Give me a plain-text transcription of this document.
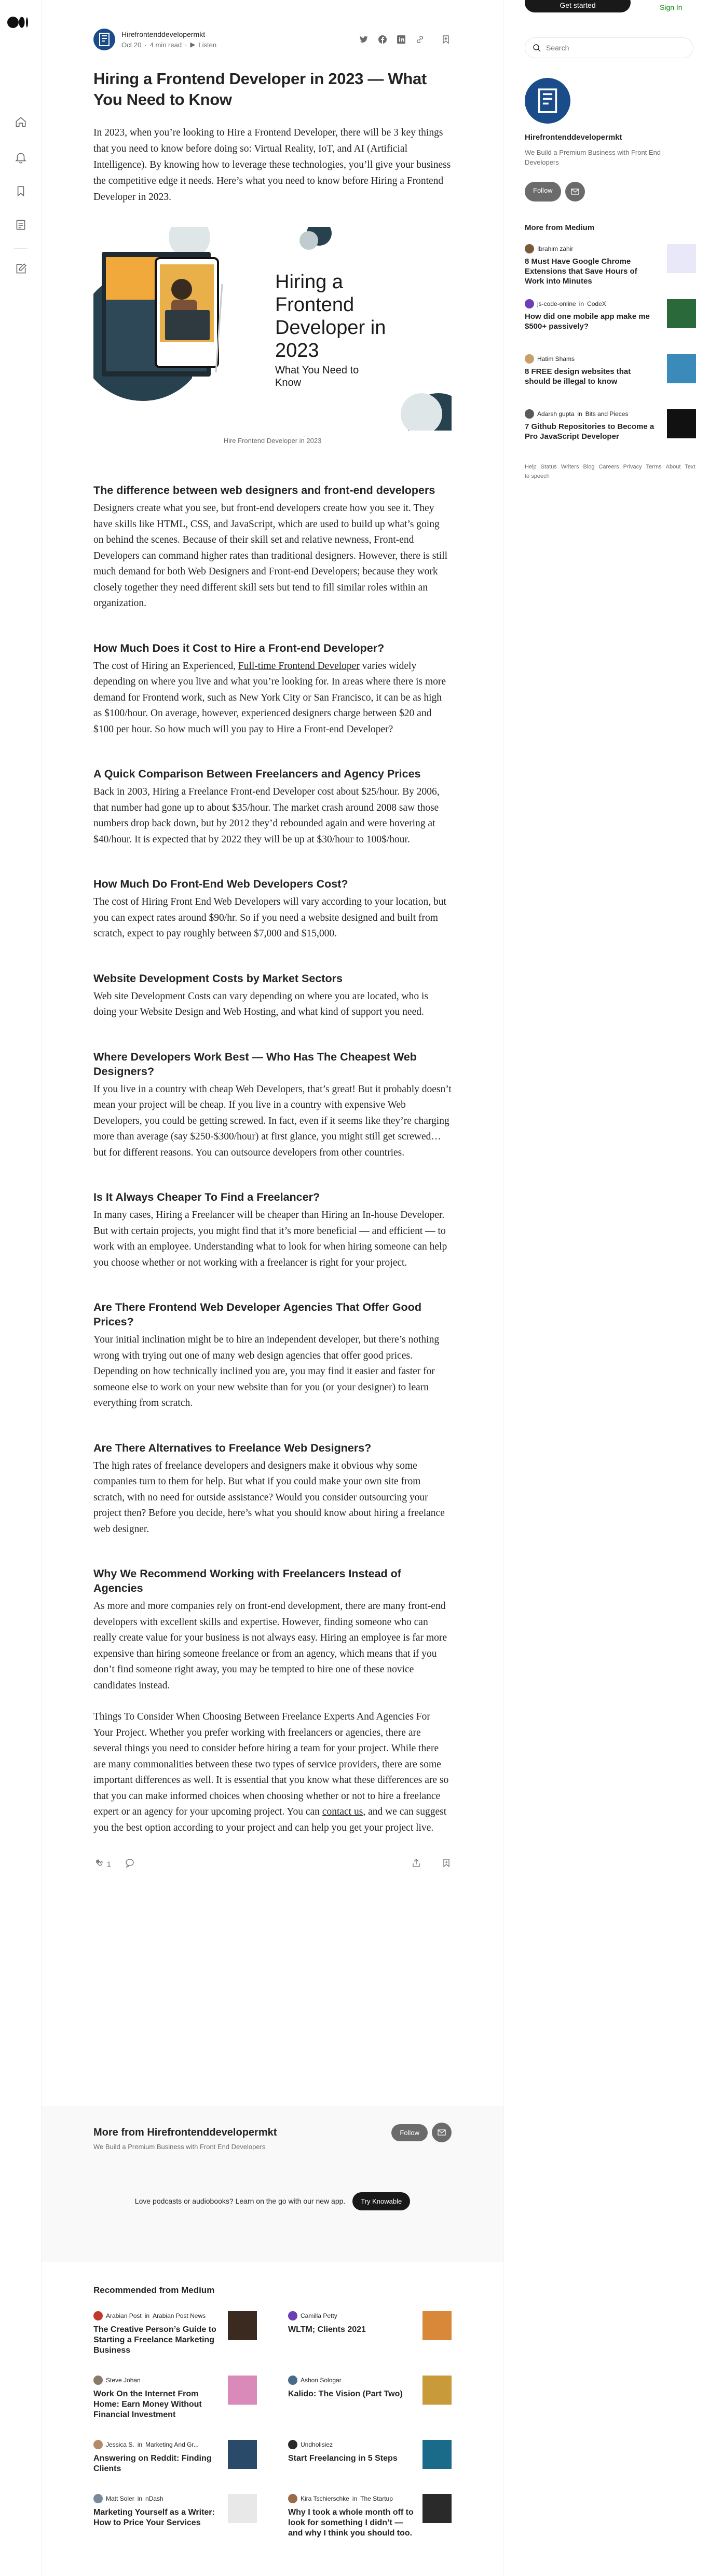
Hirefrontenddevelopermkt
Oct 20 · 4 min read · ▶ Listen
Hiring a Frontend Developer in 2023 — What You Need to Know

In 2023, when you’re looking to Hire a Frontend Developer, there will be 3 key things that you need to know before doing so: Virtual Reality, IoT, and AI (Artificial Intelligence). By knowing how to leverage these technologies, you’ll give your business the competitive edge it needs. Here’s what you need to know before Hiring a Frontend Developer in 2023.

Hiring a
Frontend
Developer in
2023
What You Need to
Know
Hire Frontend Developer in 2023
The difference between web designers and front-end developers

Designers create what you see, but front-end developers create how you see it. They have skills like HTML, CSS, and JavaScript, which are used to build up what’s going on behind the scenes. Because of their skill set and relative newness, Front-end Developers can command higher rates than traditional designers. However, there is still much demand for both Web Designers and Front-end Developers; because they work closely together they need different skill sets but tend to fill similar roles within an organization.

How Much Does it Cost to Hire a Front-end Developer?

The cost of Hiring an Experienced, Full-time Frontend Developer varies widely depending on where you live and what you’re looking for. In areas where there is more demand for Frontend work, such as New York City or San Francisco, it can be as high as $100/hour. On average, however, experienced designers charge between $20 and $100 per hour. So how much will you pay to Hire a Front-end Developer?

A Quick Comparison Between Freelancers and Agency Prices

Back in 2003, Hiring a Freelance Front-end Developer cost about $25/hour. By 2006, that number had gone up to about $35/hour. The market crash around 2008 saw those numbers drop back down, but by 2012 they’d rebounded again and were hovering at $40/hour. It is expected that by 2022 they will be up at $30/hour to 100$/hour.

How Much Do Front-End Web Developers Cost?

The cost of Hiring Front End Web Developers will vary according to your location, but you can expect rates around $90/hr. So if you need a website designed and built from scratch, expect to pay roughly between $7,000 and $15,000.

Website Development Costs by Market Sectors

Web site Development Costs can vary depending on where you are located, who is doing your Website Design and Web Hosting, and what kind of support you need.

Where Developers Work Best — Who Has The Cheapest Web Designers?

If you live in a country with cheap Web Developers, that’s great! But it probably doesn’t mean your project will be cheap. If you live in a country with expensive Web Developers, you could be getting screwed. In fact, even if it seems like they’re charging more than average (say $250-$300/hour) at first glance, you might still get screwed…but for different reasons. You can outsource developers from other countries.

Is It Always Cheaper To Find a Freelancer?

In many cases, Hiring a Freelancer will be cheaper than Hiring an In-house Developer. But with certain projects, you might find that it’s more beneficial — and efficient — to work with an employee. Understanding what to look for when hiring someone can help you choose whether or not working with a freelancer is right for your project.

Are There Frontend Web Developer Agencies That Offer Good Prices?

Your initial inclination might be to hire an independent developer, but there’s nothing wrong with trying out one of many web design agencies that offer good prices. Depending on how technically inclined you are, you may find it easier and faster for someone else to work on your new website than for you (or your designer) to learn everything from scratch.

Are There Alternatives to Freelance Web Designers?

The high rates of freelance developers and designers make it obvious why some companies turn to them for help. But what if you could make your own site from scratch, with no need for outside assistance? Would you consider outsourcing your project then? Before you decide, here’s what you should know about hiring a freelance web designer.

Why We Recommend Working with Freelancers Instead of Agencies

As more and more companies rely on front-end development, there are many front-end developers with excellent skills and expertise. However, finding someone who can really create value for your business is not always easy. Hiring an employee is far more expensive than hiring someone freelance or from an agency, which means that if you don’t find someone right away, you may be tempted to hire one of these novice candidates instead.

Things To Consider When Choosing Between Freelance Experts And Agencies For Your Project. Whether you prefer working with freelancers or agencies, there are several things you need to consider before hiring a team for your project. While there are many commonalities between these two types of service providers, there are some important differences as well. It is essential that you know what these differences are so that you can make informed choices when choosing whether or not to hire a freelance expert or an agency for your upcoming project. You can contact us, and we can suggest you the best option according to your project and can help you get your project live.

1
More from Hirefrontenddevelopermkt
We Build a Premium Business with Front End Developers
Follow
Love podcasts or audiobooks? Learn on the go with our new app. Try Knowable
Recommended from Medium
Arabian Post in Arabian Post News
The Creative Person’s Guide to Starting a Freelance Marketing Business
Camilla Petty
WLTM; Clients 2021
Steve Johan
Work On the Internet From Home: Earn Money Without Financial Investment
Ashon Sologar
Kalido: The Vision (Part Two)
Jessica S. in Marketing And Gr...
Answering on Reddit: Finding Clients
Undholisiez
Start Freelancing in 5 Steps
Matt Soler in nDash
Marketing Yourself as a Writer: How to Price Your Services
Kira Tschierschke in The Startup
Why I took a whole month off to look for something I didn’t — and why I think you should too.
Get started	Sign In
Search
Hirefrontenddevelopermkt
We Build a Premium Business with Front End Developers
Follow
More from Medium
Ibrahim zahir
8 Must Have Google Chrome Extensions that Save Hours of Work into Minutes
js-code-online in CodeX
How did one mobile app make me $500+ passively?
Hatim Shams
8 FREE design websites that should be illegal to know
Adarsh gupta in Bits and Pieces
7 Github Repositories to Become a Pro JavaScript Developer
Help Status Writers Blog Careers Privacy Terms About Text to speech
